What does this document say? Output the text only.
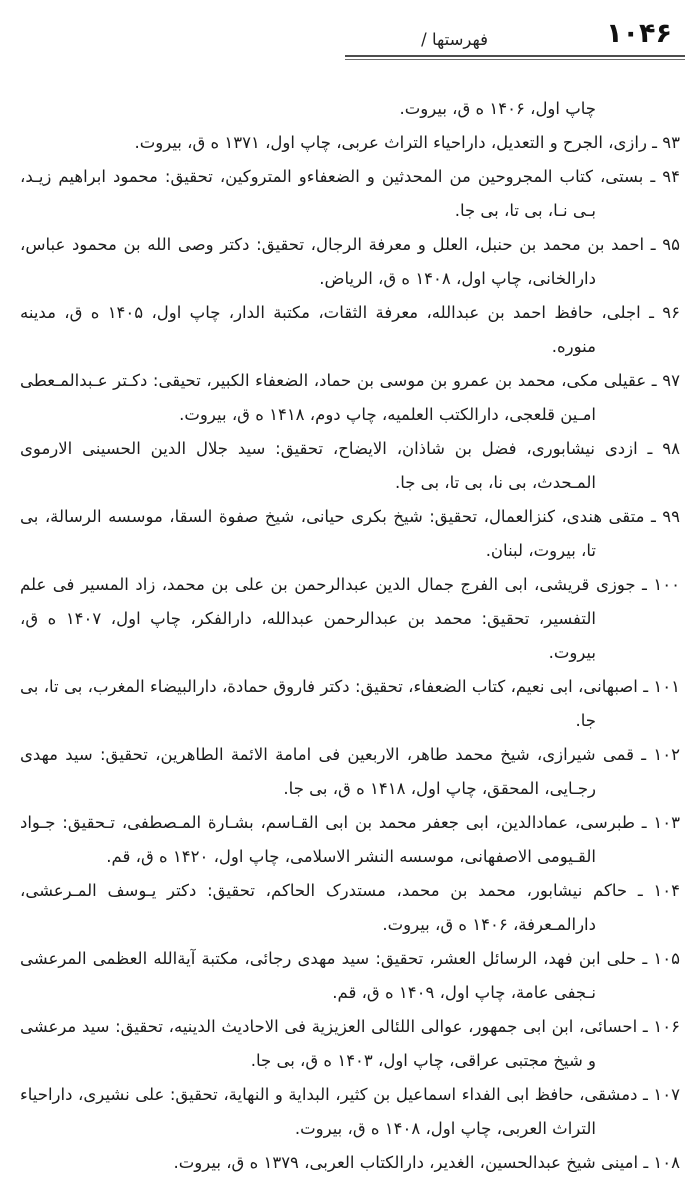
۱۰۴۶
فهرستها /

چاپ اول، ۱۴۰۶ ه ق، بیروت.

۹۳ ـ رازی، الجرح و التعدیل، داراحیاء التراث عربی، چاپ اول، ۱۳۷۱ ه ق، بیروت.

۹۴ ـ بستی، کتاب المجروحین من المحدثین و الضعفاءو المتروکین، تحقیق: محمود ابراهیم زیـد، بـی نـا، بی تا، بی جا.

۹۵ ـ احمد بن محمد بن حنبل، العلل و معرفة الرجال، تحقیق: دکتر وصی الله بن محمود عباس، دارالخانی، چاپ اول، ۱۴۰۸ ه ق، الریاض.

۹۶ ـ اجلی، حافظ احمد بن عبدالله، معرفة الثقات، مکتبة الدار، چاپ اول، ۱۴۰۵ ه ق، مدینه منوره.

۹۷ ـ عقیلی مکی، محمد بن عمرو بن موسی بن حماد، الضعفاء الکبیر، تحیقی: دکـتر عـبدالمـعطی امـین قلعجی، دارالکتب العلمیه، چاپ دوم، ۱۴۱۸ ه ق، بیروت.

۹۸ ـ ازدی نیشابوری، فضل بن شاذان، الایضاح، تحقیق: سید جلال الدین الحسینی الارموی المـحدث، بی نا، بی تا، بی جا.

۹۹ ـ متقی هندی، کنزالعمال، تحقیق: شیخ بکری حیانی، شیخ صفوة السقا، موسسه الرسالة، بی تا، بیروت، لبنان.

۱۰۰ ـ جوزی قریشی، ابی الفرج جمال الدین عبدالرحمن بن علی بن محمد، زاد المسیر فی علم التفسیر، تحقیق: محمد بن عبدالرحمن عبدالله، دارالفکر، چاپ اول، ۱۴۰۷ ه ق، بیروت.

۱۰۱ ـ اصبهانی، ابی نعیم، کتاب الضعفاء، تحقیق: دکتر فاروق حمادة، دارالبیضاء المغرب، بی تا، بی جا.

۱۰۲ ـ قمی شیرازی، شیخ محمد طاهر، الاربعین فی امامة الائمة الطاهرین، تحقیق: سید مهدی رجـایی، المحقق، چاپ اول، ۱۴۱۸ ه ق، بی جا.

۱۰۳ ـ طبرسی، عمادالدین، ابی جعفر محمد بن ابی القـاسم، بشـارة المـصطفی، تـحقیق: جـواد القـیومی الاصفهانی، موسسه النشر الاسلامی، چاپ اول، ۱۴۲۰ ه ق، قم.

۱۰۴ ـ حاکم نیشابور، محمد بن محمد، مستدرک الحاکم، تحقیق: دکتر یـوسف المـرعشی، دارالمـعرفة، ۱۴۰۶ ه ق، بیروت.

۱۰۵ ـ حلی ابن فهد، الرسائل العشر، تحقیق: سید مهدی رجائی، مکتبة آیةالله العظمی المرعشی نـجفی عامة، چاپ اول، ۱۴۰۹ ه ق، قم.

۱۰۶ ـ احسائی، ابن ابی جمهور، عوالی اللئالی العزیزیة فی الاحادیث الدینیه، تحقیق: سید مرعشی و شیخ مجتبی عراقی، چاپ اول، ۱۴۰۳ ه ق، بی جا.

۱۰۷ ـ دمشقی، حافظ ابی الفداء اسماعیل بن کثیر، البدایة و النهایة، تحقیق: علی نشیری، داراحیاء التراث العربی، چاپ اول، ۱۴۰۸ ه ق، بیروت.

۱۰۸ ـ امینی شیخ عبدالحسین، الغدیر، دارالکتاب العربی، ۱۳۷۹ ه ق، بیروت.
